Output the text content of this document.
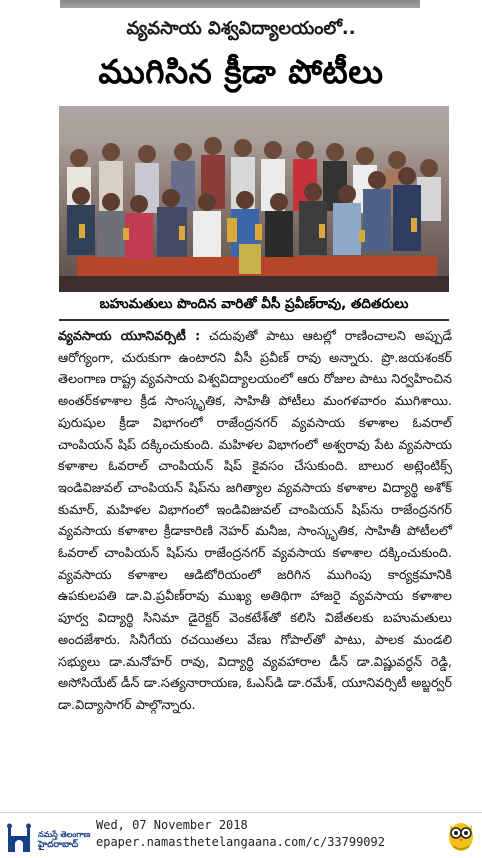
వ్యవసాయ విశ్వవిద్యాలయంలో..
ముగిసిన క్రీడా పోటీలు
బహుమతులు పొందిన వారితో వీసీ ప్రవీణ్‌రావు, తదితరులు
వ్యవసాయ యూనివర్సిటీ : చదువుతో పాటు ఆటల్లో రాణించాలని అప్పుడే ఆరోగ్యంగా, చురుకుగా ఉంటారని వీసీ ప్రవీణ్ రావు అన్నారు. ప్రొ.జయశంకర్ తెలంగాణ రాష్ట్ర వ్యవసాయ విశ్వవిద్యాలయంలో ఆరు రోజుల పాటు నిర్వహించిన అంతర్‌కళాశాల క్రీడ సాంస్కృతిక, సాహితీ పోటీలు మంగళవారం ముగిశాయి. పురుషుల క్రీడా విభాగంలో రాజేంద్రనగర్ వ్యవసాయ కళాశాల ఓవరాల్ చాంపియన్ షిప్ దక్కించుకుంది. మహిళల విభాగంలో అశ్వరావు పేట వ్యవసాయ కళాశాల ఓవరాల్ చాంపియన్ షిప్‌ కైవసం చేసుకుంది. బాలుర అట్లెంటిక్స్ ఇండివిజువల్ చాంపియన్ షిప్‌ను జగిత్యాల వ్యవసాయ కళాశాల విద్యార్థి అశోక్ కుమార్, మహిళల విభాగంలో ఇండివిజువల్ చాంపియన్ షిప్‌ను రాజేంద్రనగర్ వ్యవసాయ కళాశాల క్రీడాకారిణి నెహర్ మనీజ, సాంస్కృతిక, సాహితీ పోటీలలో ఓవరాల్ చాంపియన్ షిప్‌ను రాజేంద్రనగర్ వ్యవసాయ కళాశాల దక్కించుకుంది. వ్యవసాయ కళాశాల ఆడిటోరియంలో జరిగిన ముగింపు కార్యక్రమానికి ఉపకులపతి డా.వి.ప్రవీణ్‌రావు ముఖ్య అతిథిగా హాజరై వ్యవసాయ కళాశాల పూర్వ విద్యార్థి సినిమా డైరెక్టర్ వెంకటేశ్‌తో కలిసి విజేతలకు బహుమతులు అందజేశారు. సినీగేయ రచయితలు వేణు గోపాల్‌తో పాటు, పాలక మండలి సభ్యులు డా.మనోహర్ రావు, విద్యార్థి వ్యవహారాల డీన్ డా.విష్ణువర్ధన్ రెడ్డి, అసోసియేట్ డీన్ డా.సత్యనారాయణ, ఓఎస్‌డి డా.రమేశ్, యూనివర్సిటీ అబ్జర్వర్ డా.విద్యాసాగర్ పాల్గొన్నారు.
నమస్తే తెలంగాణ
హైదరాబాద్
Wed, 07 November 2018
epaper.namasthetelangaana.com/c/33799092
